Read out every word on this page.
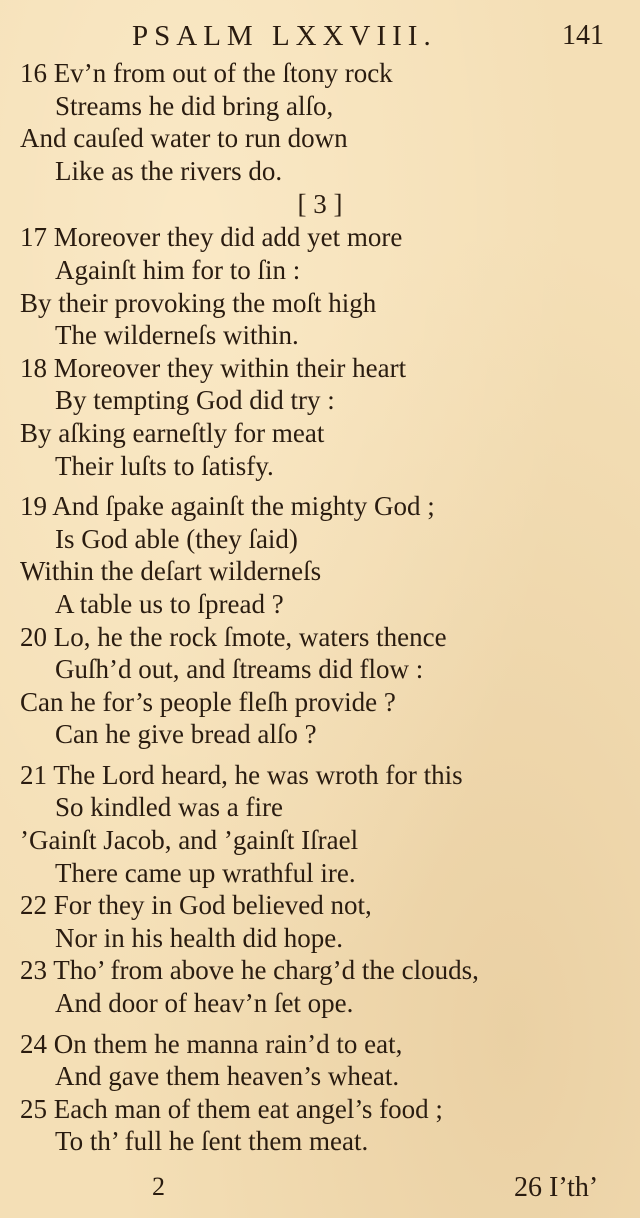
PSALM LXXVIII.	141
16 Ev’n from out of the ſtony rock
Streams he did bring alſo,
And cauſed water to run down
Like as the rivers do.
[ 3 ]
17 Moreover they did add yet more
Againſt him for to ſin :
By their provoking the moſt high
The wilderneſs within.
18 Moreover they within their heart
By tempting God did try :
By aſking earneſtly for meat
Their luſts to ſatisfy.
19 And ſpake againſt the mighty God ;
Is God able (they ſaid)
Within the deſart wilderneſs
A table us to ſpread ?
20 Lo, he the rock ſmote, waters thence
Guſh’d out, and ſtreams did flow :
Can he for’s people fleſh provide ?
Can he give bread alſo ?
21 The Lord heard, he was wroth for this
So kindled was a fire
’Gainſt Jacob, and ’gainſt Iſrael
There came up wrathful ire.
22 For they in God believed not,
Nor in his health did hope.
23 Tho’ from above he charg’d the clouds,
And door of heav’n ſet ope.
24 On them he manna rain’d to eat,
And gave them heaven’s wheat.
25 Each man of them eat angel’s food ;
To th’ full he ſent them meat.
2	26 I’th’
